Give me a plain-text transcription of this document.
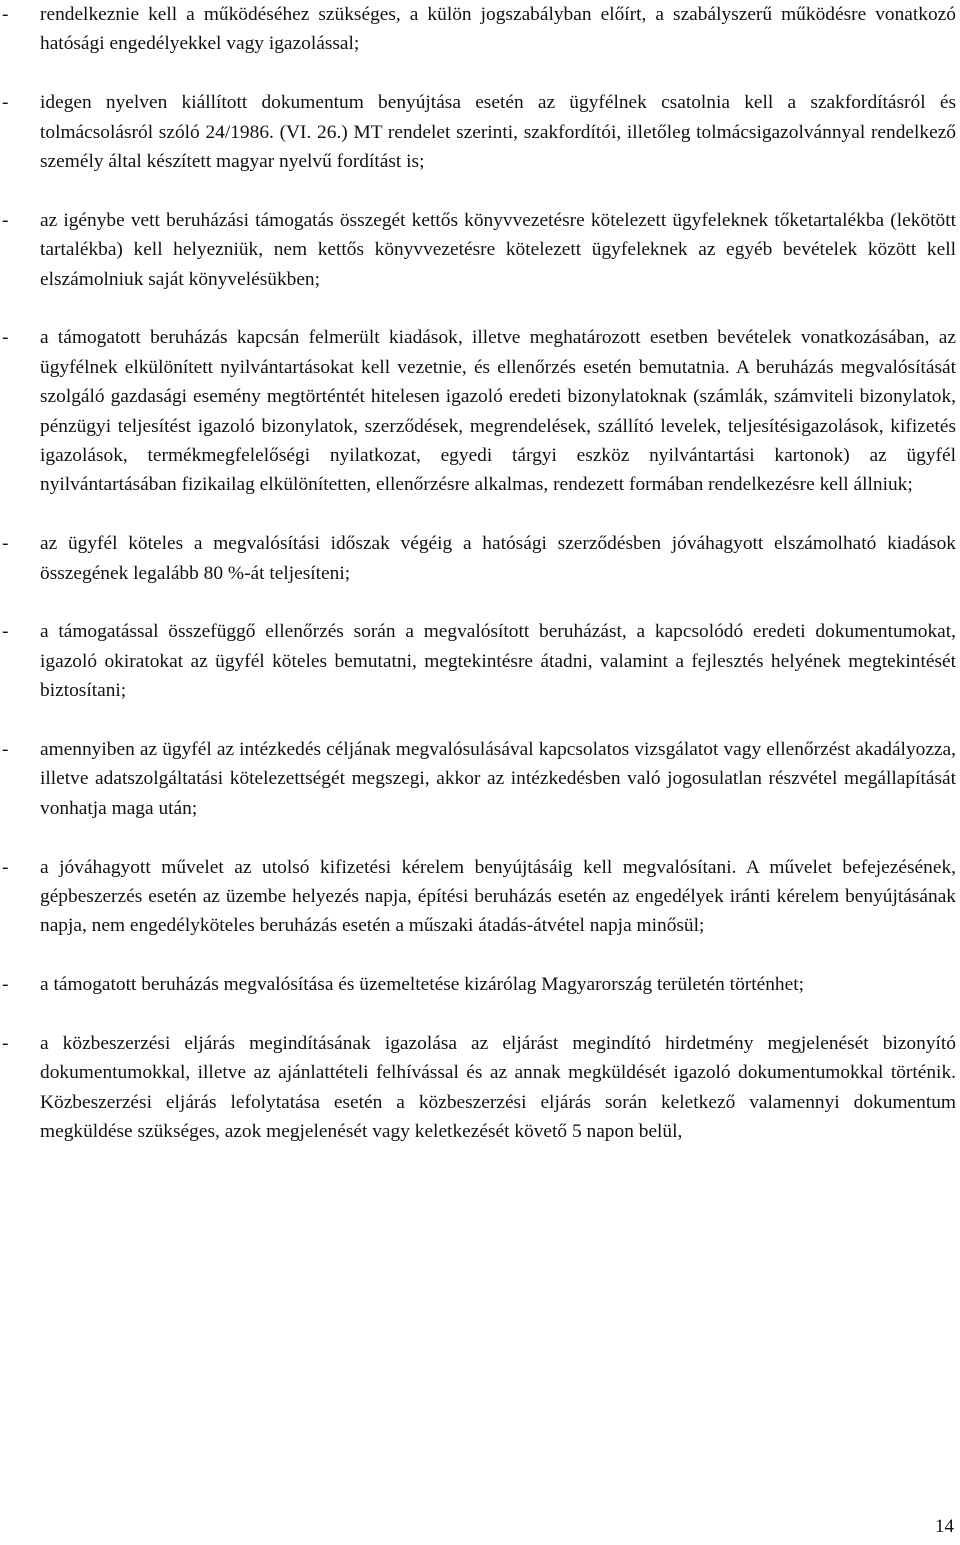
-	rendelkeznie kell a működéséhez szükséges, a külön jogszabályban előírt, a szabályszerű működésre vonatkozó hatósági engedélyekkel vagy igazolással;
-	idegen nyelven kiállított dokumentum benyújtása esetén az ügyfélnek csatolnia kell a szakfordításról és tolmácsolásról szóló 24/1986. (VI. 26.) MT rendelet szerinti, szakfordítói, illetőleg tolmácsigazolvánnyal rendelkező személy által készített magyar nyelvű fordítást is;
-	az igénybe vett beruházási támogatás összegét kettős könyvvezetésre kötelezett ügyfeleknek tőketartalékba (lekötött tartalékba) kell helyezniük, nem kettős könyvvezetésre kötelezett ügyfeleknek az egyéb bevételek között kell elszámolniuk saját könyvelésükben;
-	a támogatott beruházás kapcsán felmerült kiadások, illetve meghatározott esetben bevételek vonatkozásában, az ügyfélnek elkülönített nyilvántartásokat kell vezetnie, és ellenőrzés esetén bemutatnia. A beruházás megvalósítását szolgáló gazdasági esemény megtörténtét hitelesen igazoló eredeti bizonylatoknak (számlák, számviteli bizonylatok, pénzügyi teljesítést igazoló bizonylatok, szerződések, megrendelések, szállító levelek, teljesítésigazolások, kifizetés igazolások, termékmegfelelőségi nyilatkozat, egyedi tárgyi eszköz nyilvántartási kartonok) az ügyfél nyilvántartásában fizikailag elkülönítetten, ellenőrzésre alkalmas, rendezett formában rendelkezésre kell állniuk;
-	az ügyfél köteles a megvalósítási időszak végéig a hatósági szerződésben jóváhagyott elszámolható kiadások összegének legalább 80 %-át teljesíteni;
-	a támogatással összefüggő ellenőrzés során a megvalósított beruházást, a kapcsolódó eredeti dokumentumokat, igazoló okiratokat az ügyfél köteles bemutatni, megtekintésre átadni, valamint a fejlesztés helyének megtekintését biztosítani;
-	amennyiben az ügyfél az intézkedés céljának megvalósulásával kapcsolatos vizsgálatot vagy ellenőrzést akadályozza, illetve adatszolgáltatási kötelezettségét megszegi, akkor az intézkedésben való jogosulatlan részvétel megállapítását vonhatja maga után;
-	a jóváhagyott művelet az utolsó kifizetési kérelem benyújtásáig kell megvalósítani. A művelet befejezésének, gépbeszerzés esetén az üzembe helyezés napja, építési beruházás esetén az engedélyek iránti kérelem benyújtásának napja, nem engedélyköteles beruházás esetén a műszaki átadás-átvétel napja minősül;
-	a támogatott beruházás megvalósítása és üzemeltetése kizárólag Magyarország területén történhet;
-	a közbeszerzési eljárás megindításának igazolása az eljárást megindító hirdetmény megjelenését bizonyító dokumentumokkal, illetve az ajánlattételi felhívással és az annak megküldését igazoló dokumentumokkal történik. Közbeszerzési eljárás lefolytatása esetén a közbeszerzési eljárás során keletkező valamennyi dokumentum megküldése szükséges, azok megjelenését vagy keletkezését követő 5 napon belül,
14
